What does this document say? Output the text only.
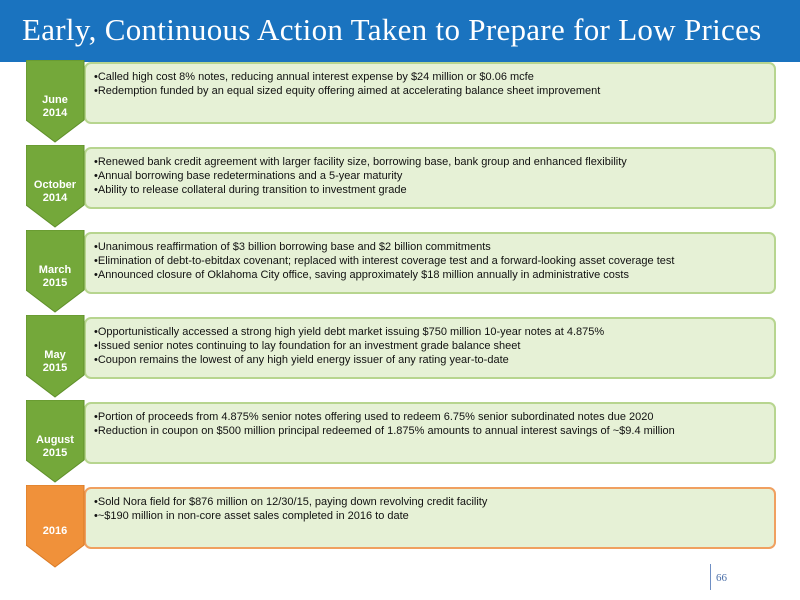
Early, Continuous Action Taken to Prepare for Low Prices
•Called high cost 8% notes, reducing annual interest expense by $24 million or $0.06 mcfe
•Redemption funded by an equal sized equity offering aimed at accelerating balance sheet improvement
June
2014
•Renewed bank credit agreement with larger facility size, borrowing base, bank group and enhanced flexibility
•Annual borrowing base redeterminations and a 5-year maturity
•Ability to release collateral during transition to investment grade
October
2014
•Unanimous reaffirmation of $3 billion borrowing base and $2 billion commitments
•Elimination of debt-to-ebitdax covenant; replaced with interest coverage test and a forward-looking asset coverage test
•Announced closure of Oklahoma City office, saving approximately $18 million annually in administrative costs
March
2015
•Opportunistically accessed a strong high yield debt market issuing $750 million 10-year notes at 4.875%
•Issued senior notes continuing to lay foundation for an investment grade balance sheet
•Coupon remains the lowest of any high yield energy issuer of any rating year-to-date
May
2015
•Portion of proceeds from 4.875% senior notes offering used to redeem 6.75% senior subordinated notes due 2020
•Reduction in coupon on $500 million principal redeemed of 1.875% amounts to annual interest savings of ~$9.4 million
August
2015
•Sold Nora field for $876 million on 12/30/15, paying down revolving credit facility
•~$190 million in non-core asset sales completed in 2016 to date
2016
66
